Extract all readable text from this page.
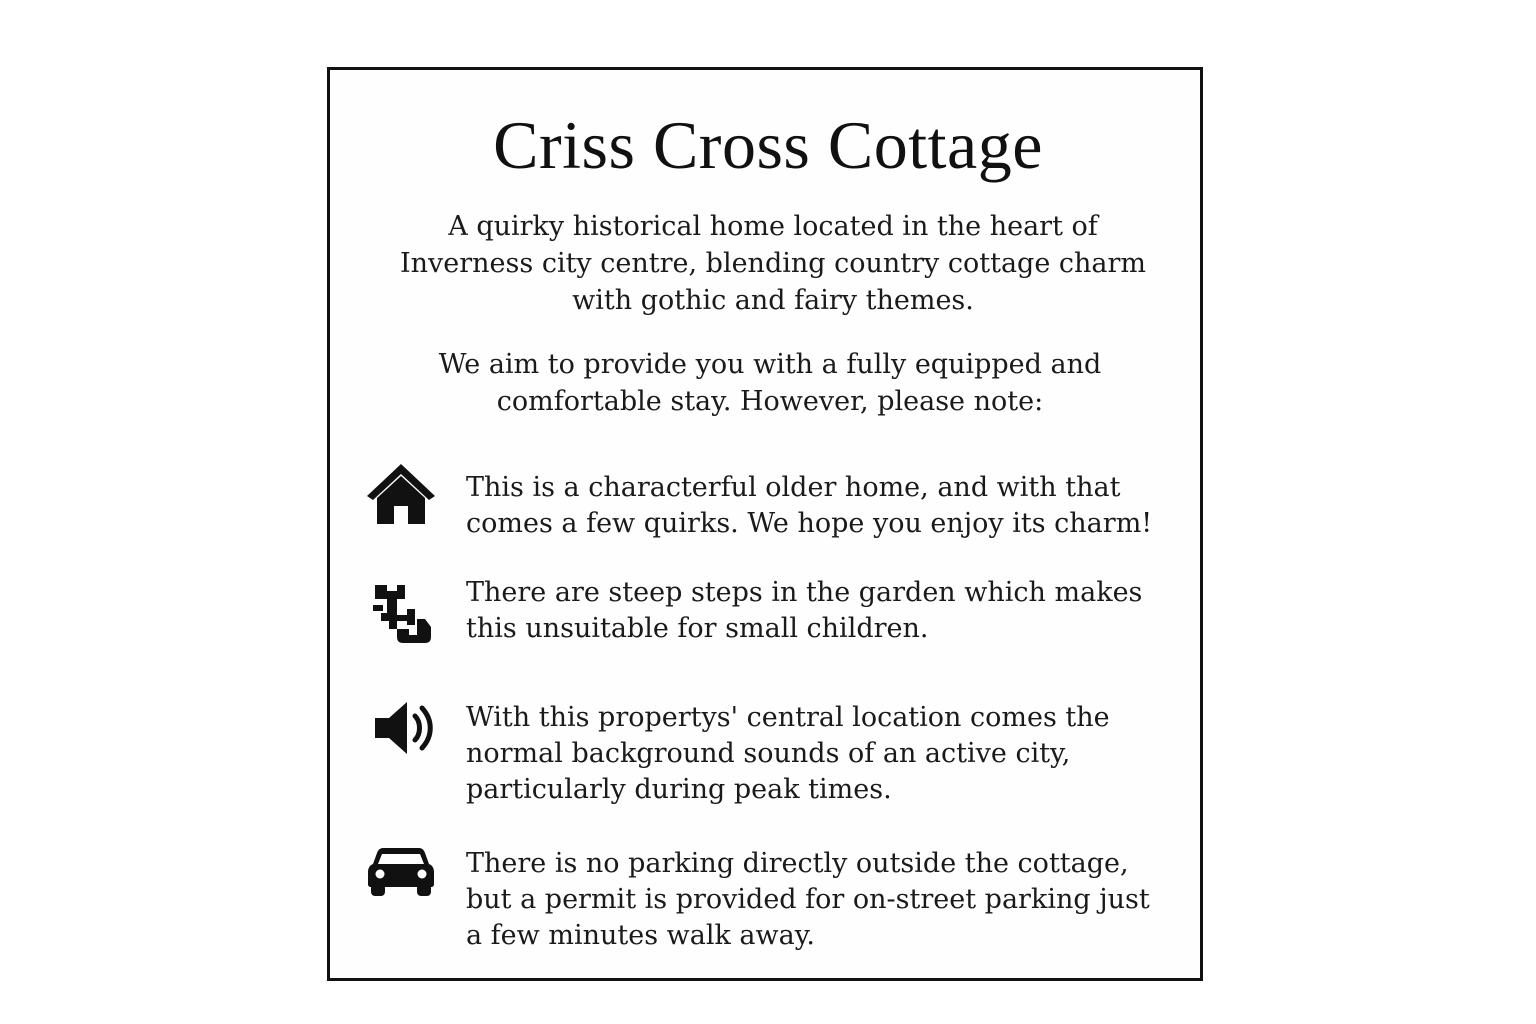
Criss Cross Cottage

A quirky historical home located in the heart of Inverness city centre, blending country cottage charm with gothic and fairy themes.

We aim to provide you with a fully equipped and comfortable stay. However, please note:

This is a characterful older home, and with that comes a few quirks. We hope you enjoy its charm!

There are steep steps in the garden which makes this unsuitable for small children.

With this propertys' central location comes the normal background sounds of an active city, particularly during peak times.

There is no parking directly outside the cottage, but a permit is provided for on-street parking just a few minutes walk away.
